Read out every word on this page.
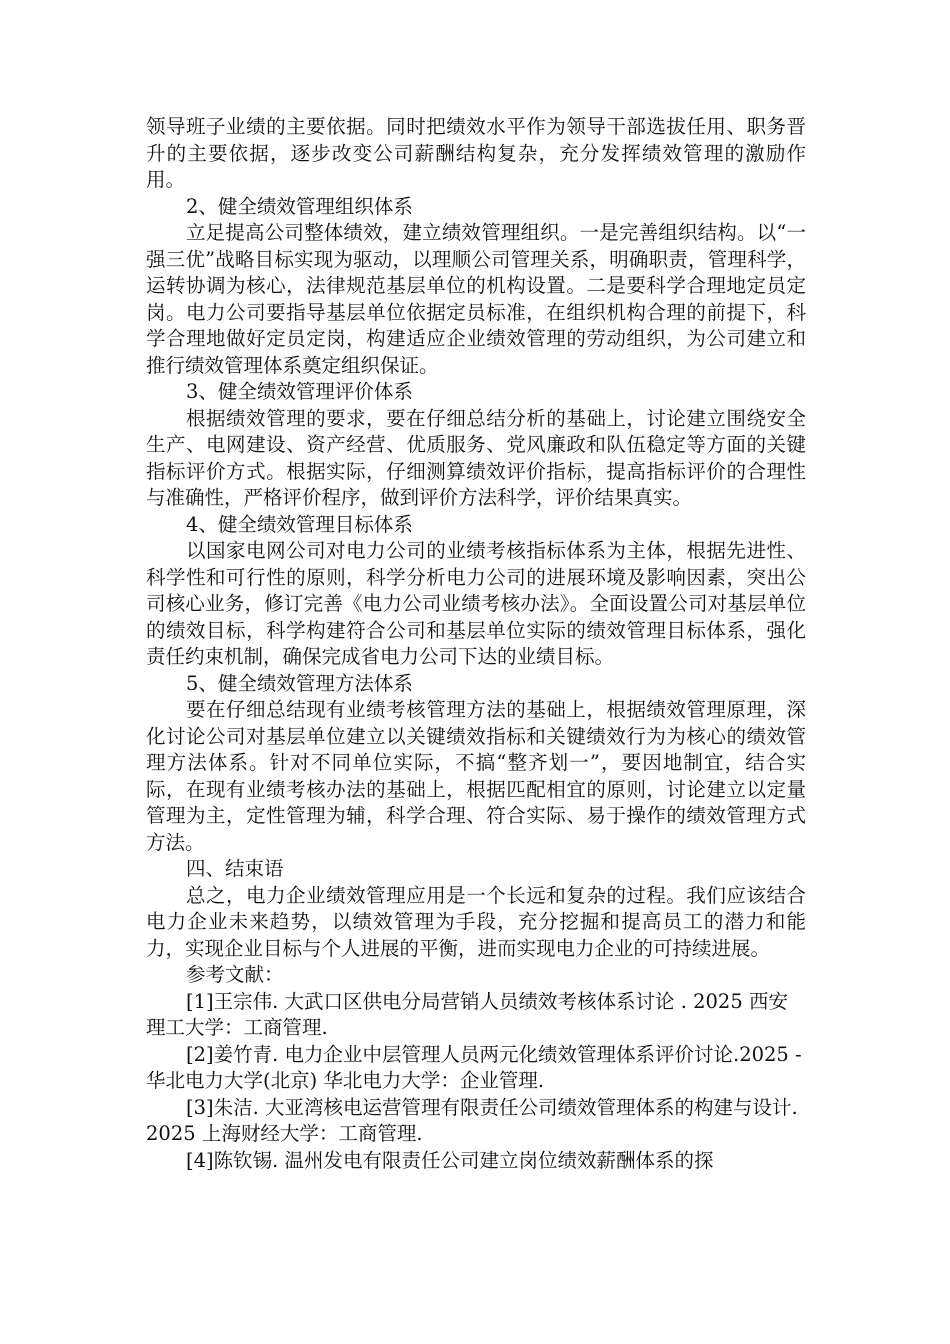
领导班子业绩的主要依据。同时把绩效水平作为领导干部选拔任用、职务晋升的主要依据，逐步改变公司薪酬结构复杂，充分发挥绩效管理的激励作用。

2、健全绩效管理组织体系

立足提高公司整体绩效，建立绩效管理组织。一是完善组织结构。以“一强三优”战略目标实现为驱动，以理顺公司管理关系，明确职责，管理科学，运转协调为核心，法律规范基层单位的机构设置。二是要科学合理地定员定岗。电力公司要指导基层单位依据定员标准，在组织机构合理的前提下，科学合理地做好定员定岗，构建适应企业绩效管理的劳动组织，为公司建立和推行绩效管理体系奠定组织保证。

3、健全绩效管理评价体系

根据绩效管理的要求，要在仔细总结分析的基础上，讨论建立围绕安全生产、电网建设、资产经营、优质服务、党风廉政和队伍稳定等方面的关键指标评价方式。根据实际，仔细测算绩效评价指标，提高指标评价的合理性与准确性，严格评价程序，做到评价方法科学，评价结果真实。

4、健全绩效管理目标体系

以国家电网公司对电力公司的业绩考核指标体系为主体，根据先进性、科学性和可行性的原则，科学分析电力公司的进展环境及影响因素，突出公司核心业务，修订完善《电力公司业绩考核办法》。全面设置公司对基层单位的绩效目标，科学构建符合公司和基层单位实际的绩效管理目标体系，强化责任约束机制，确保完成省电力公司下达的业绩目标。

5、健全绩效管理方法体系

要在仔细总结现有业绩考核管理方法的基础上，根据绩效管理原理，深化讨论公司对基层单位建立以关键绩效指标和关键绩效行为为核心的绩效管理方法体系。针对不同单位实际，不搞“整齐划一”，要因地制宜，结合实际，在现有业绩考核办法的基础上，根据匹配相宜的原则，讨论建立以定量管理为主，定性管理为辅，科学合理、符合实际、易于操作的绩效管理方式方法。

四、结束语

总之，电力企业绩效管理应用是一个长远和复杂的过程。我们应该结合电力企业未来趋势，以绩效管理为手段，充分挖掘和提高员工的潜力和能力，实现企业目标与个人进展的平衡，进而实现电力企业的可持续进展。

参考文献：

[1]王宗伟. 大武口区供电分局营销人员绩效考核体系讨论 . 2025 西安理工大学：工商管理.

[2]姜竹青. 电力企业中层管理人员两元化绩效管理体系评价讨论.2025 - 华北电力大学(北京) 华北电力大学：企业管理.

[3]朱洁. 大亚湾核电运营管理有限责任公司绩效管理体系的构建与设计.2025 上海财经大学：工商管理.

[4]陈钦锡. 温州发电有限责任公司建立岗位绩效薪酬体系的探
